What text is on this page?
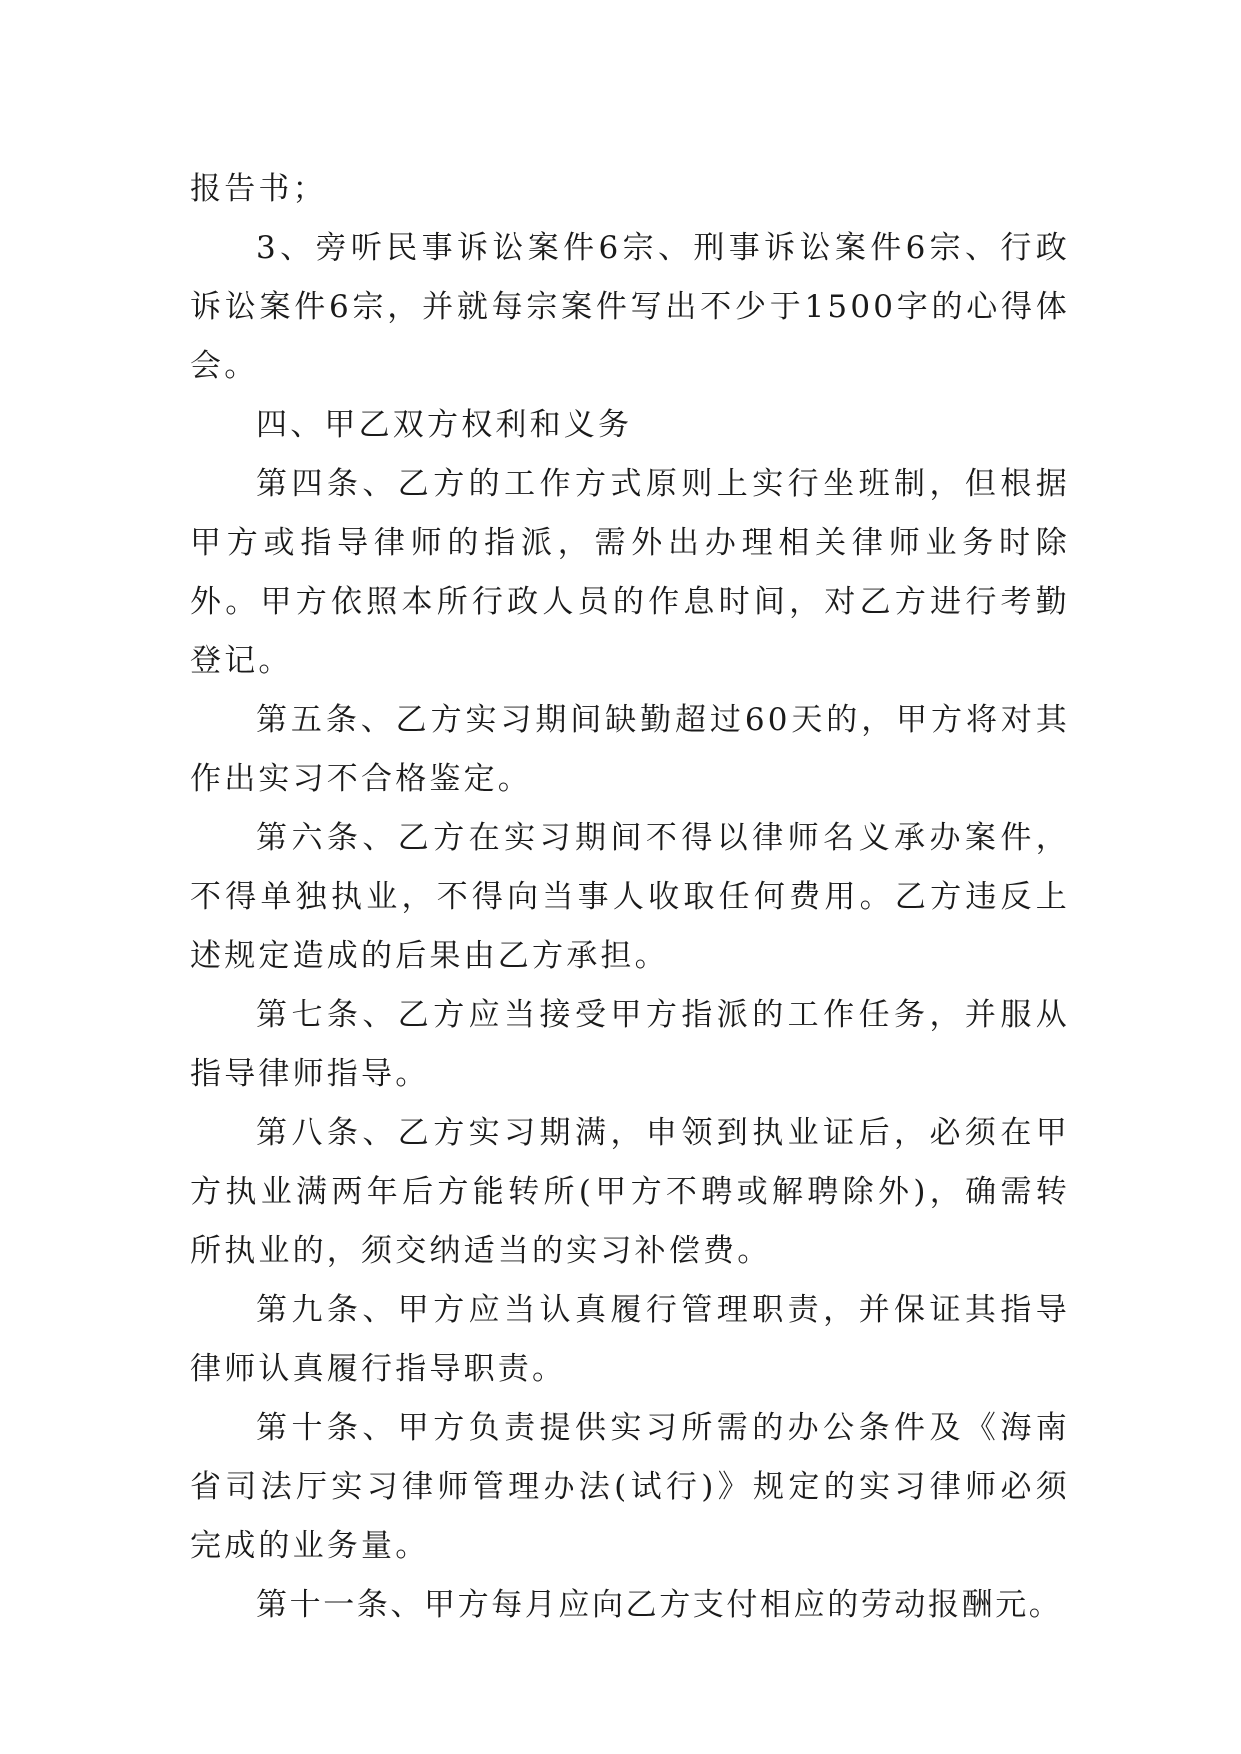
报告书；

3、旁听民事诉讼案件6宗、刑事诉讼案件6宗、行政诉讼案件6宗，并就每宗案件写出不少于1500字的心得体会。

四、甲乙双方权利和义务

第四条、乙方的工作方式原则上实行坐班制，但根据甲方或指导律师的指派，需外出办理相关律师业务时除外。甲方依照本所行政人员的作息时间，对乙方进行考勤登记。

第五条、乙方实习期间缺勤超过60天的，甲方将对其作出实习不合格鉴定。

第六条、乙方在实习期间不得以律师名义承办案件，不得单独执业，不得向当事人收取任何费用。乙方违反上述规定造成的后果由乙方承担。

第七条、乙方应当接受甲方指派的工作任务，并服从指导律师指导。

第八条、乙方实习期满，申领到执业证后，必须在甲方执业满两年后方能转所(甲方不聘或解聘除外)，确需转所执业的，须交纳适当的实习补偿费。

第九条、甲方应当认真履行管理职责，并保证其指导律师认真履行指导职责。

第十条、甲方负责提供实习所需的办公条件及《海南省司法厅实习律师管理办法(试行)》规定的实习律师必须完成的业务量。

第十一条、甲方每月应向乙方支付相应的劳动报酬元。
